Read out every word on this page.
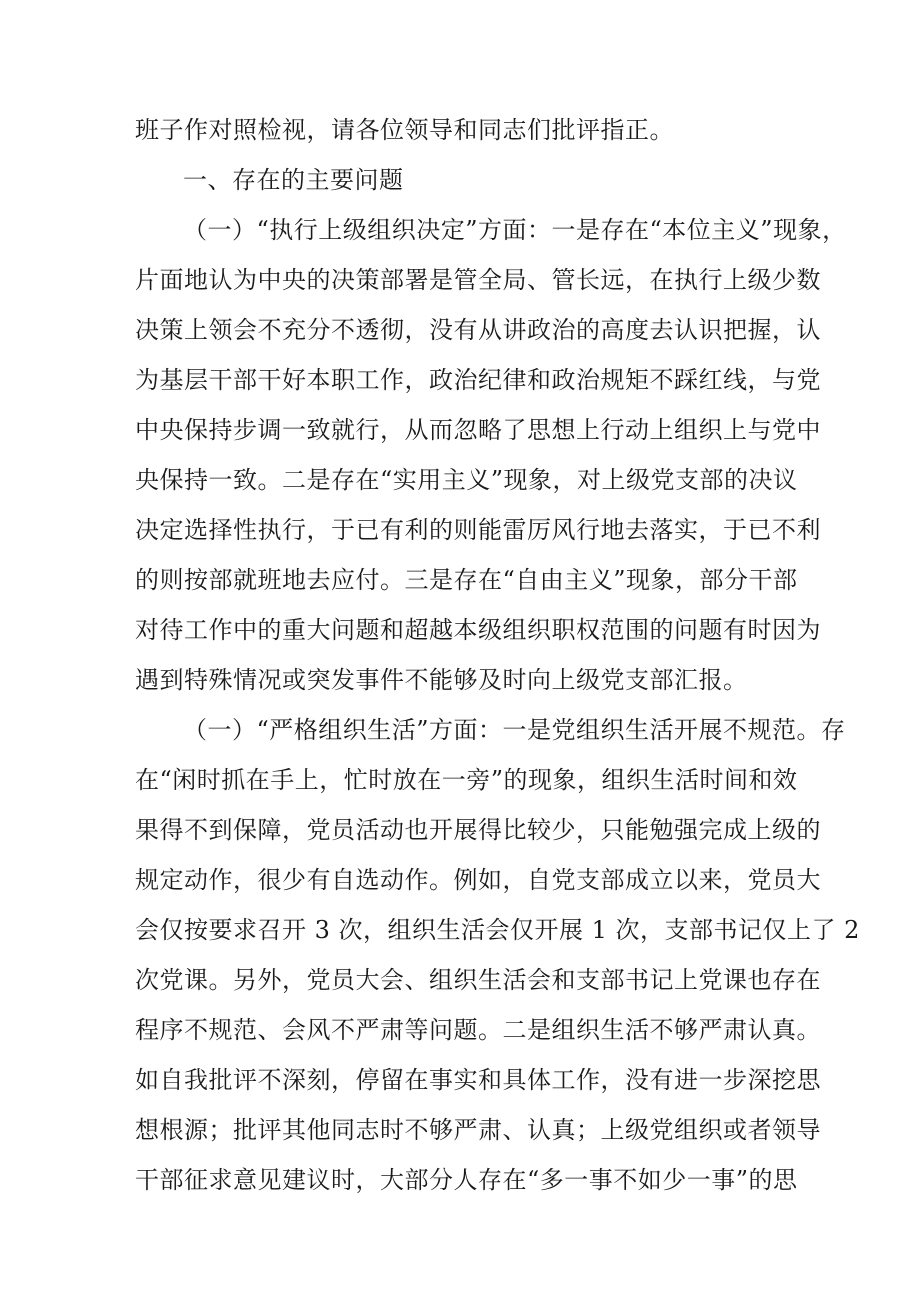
班子作对照检视，请各位领导和同志们批评指正。
一、存在的主要问题
（一）“执行上级组织决定”方面：一是存在“本位主义”现象，
片面地认为中央的决策部署是管全局、管长远，在执行上级少数
决策上领会不充分不透彻，没有从讲政治的高度去认识把握，认
为基层干部干好本职工作，政治纪律和政治规矩不踩红线，与党
中央保持步调一致就行，从而忽略了思想上行动上组织上与党中
央保持一致。二是存在“实用主义”现象，对上级党支部的决议
决定选择性执行，于已有利的则能雷厉风行地去落实，于已不利
的则按部就班地去应付。三是存在“自由主义”现象，部分干部
对待工作中的重大问题和超越本级组织职权范围的问题有时因为
遇到特殊情况或突发事件不能够及时向上级党支部汇报。
（一）“严格组织生活”方面：一是党组织生活开展不规范。存
在“闲时抓在手上，忙时放在一旁”的现象，组织生活时间和效
果得不到保障，党员活动也开展得比较少，只能勉强完成上级的
规定动作，很少有自选动作。例如，自党支部成立以来，党员大
会仅按要求召开 3 次，组织生活会仅开展 1 次，支部书记仅上了 2
次党课。另外，党员大会、组织生活会和支部书记上党课也存在
程序不规范、会风不严肃等问题。二是组织生活不够严肃认真。
如自我批评不深刻，停留在事实和具体工作，没有进一步深挖思
想根源；批评其他同志时不够严肃、认真；上级党组织或者领导
干部征求意见建议时，大部分人存在“多一事不如少一事”的思
